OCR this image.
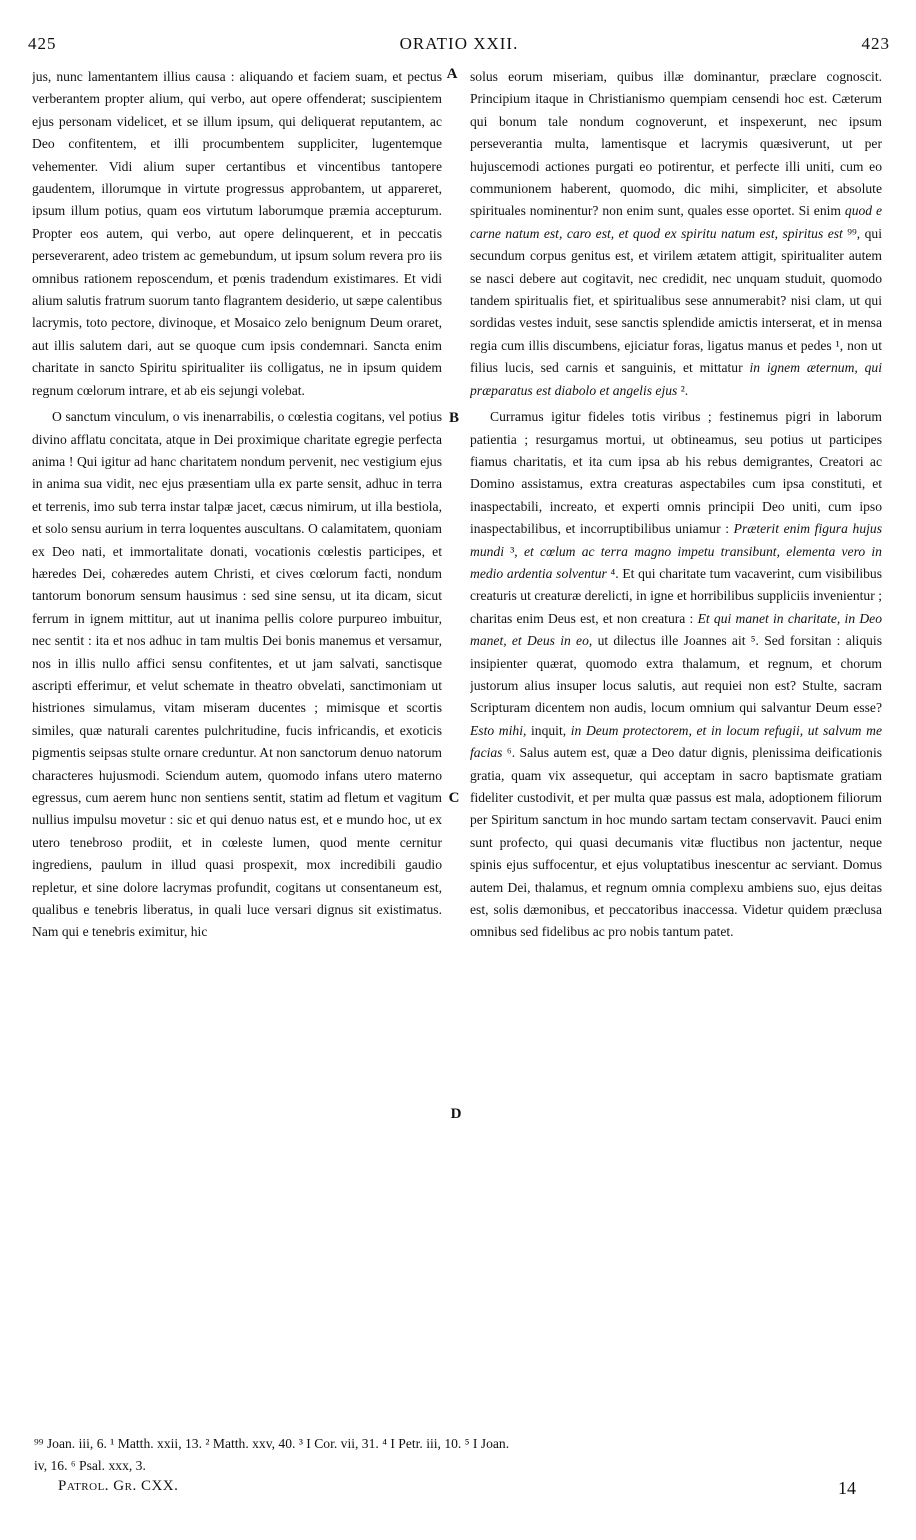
425	ORATIO XXII.	423

jus, nunc lamentantem illius causa : aliquando et faciem suam, et pectus verberantem propter alium, qui verbo, aut opere offenderat; suscipientem ejus personam videlicet, et se illum ipsum, qui deliquerat reputantem, ac Deo confitentem, et illi procumbentem suppliciter, lugentemque vehementer. Vidi alium super certantibus et vincentibus tantopere gaudentem, illorumque in virtute progressus approbantem, ut appareret, ipsum illum potius, quam eos virtutum laborumque præmia accepturum. Propter eos autem, qui verbo, aut opere delinquerent, et in peccatis perseverarent, adeo tristem ac gemebundum, ut ipsum solum revera pro iis omnibus rationem reposcendum, et pœnis tradendum existimares. Et vidi alium salutis fratrum suorum tanto flagrantem desiderio, ut sæpe calentibus lacrymis, toto pectore, divinoque, et Mosaico zelo benignum Deum oraret, aut illis salutem dari, aut se quoque cum ipsis condemnari. Sancta enim charitate in sancto Spiritu spiritualiter iis colligatus, ne in ipsum quidem regnum cœlorum intrare, et ab eis sejungi volebat.

O sanctum vinculum, o vis inenarrabilis, o cœlestia cogitans, vel potius divino afflatu concitata, atque in Dei proximique charitate egregie perfecta anima ! Qui igitur ad hanc charitatem nondum pervenit, nec vestigium ejus in anima sua vidit, nec ejus præsentiam ulla ex parte sensit, adhuc in terra et terrenis, imo sub terra instar talpæ jacet, cæcus nimirum, ut illa bestiola, et solo sensu aurium in terra loquentes auscultans. O calamitatem, quoniam ex Deo nati, et immortalitate donati, vocationis cœlestis participes, et hæredes Dei, cohæredes autem Christi, et cives cœlorum facti, nondum tantorum bonorum sensum hausimus : sed sine sensu, ut ita dicam, sicut ferrum in ignem mittitur, aut ut inanima pellis colore purpureo imbuitur, nec sentit : ita et nos adhuc in tam multis Dei bonis manemus et versamur, nos in illis nullo affici sensu confitentes, et ut jam salvati, sanctisque ascripti efferimur, et velut schemate in theatro obvelati, sanctimoniam ut histriones simulamus, vitam miseram ducentes ; mimisque et scortis similes, quæ naturali carentes pulchritudine, fucis infricandis, et exoticis pigmentis seipsas stulte ornare creduntur. At non sanctorum denuo natorum characteres hujusmodi. Sciendum autem, quomodo infans utero materno egressus, cum aerem hunc non sentiens sentit, statim ad fletum et vagitum nullius impulsu movetur : sic et qui denuo natus est, et e mundo hoc, ut ex utero tenebroso prodiit, et in cœleste lumen, quod mente cernitur ingrediens, paulum in illud quasi prospexit, mox incredibili gaudio repletur, et sine dolore lacrymas profundit, cogitans ut consentaneum est, qualibus e tenebris liberatus, in quali luce versari dignus sit existimatus. Nam qui e tenebris eximitur, hic

A
B
C
D

solus eorum miseriam, quibus illæ dominantur, præclare cognoscit. Principium itaque in Christianismo quempiam censendi hoc est. Cæterum qui bonum tale nondum cognoverunt, et inspexerunt, nec ipsum perseverantia multa, lamentisque et lacrymis quæsiverunt, ut per hujuscemodi actiones purgati eo potirentur, et perfecte illi uniti, cum eo communionem haberent, quomodo, dic mihi, simpliciter, et absolute spirituales nominentur? non enim sunt, quales esse oportet. Si enim quod e carne natum est, caro est, et quod ex spiritu natum est, spiritus est ⁹⁹, qui secundum corpus genitus est, et virilem ætatem attigit, spiritualiter autem se nasci debere aut cogitavit, nec credidit, nec unquam studuit, quomodo tandem spiritualis fiet, et spiritualibus sese annumerabit? nisi clam, ut qui sordidas vestes induit, sese sanctis splendide amictis interserat, et in mensa regia cum illis discumbens, ejiciatur foras, ligatus manus et pedes ¹, non ut filius lucis, sed carnis et sanguinis, et mittatur in ignem æternum, qui præparatus est diabolo et angelis ejus ².

Curramus igitur fideles totis viribus ; festinemus pigri in laborum patientia ; resurgamus mortui, ut obtineamus, seu potius ut participes fiamus charitatis, et ita cum ipsa ab his rebus demigrantes, Creatori ac Domino assistamus, extra creaturas aspectabiles cum ipsa constituti, et inaspectabili, increato, et experti omnis principii Deo uniti, cum ipso inaspectabilibus, et incorruptibilibus uniamur : Præterit enim figura hujus mundi ³, et cœlum ac terra magno impetu transibunt, elementa vero in medio ardentia solventur ⁴. Et qui charitate tum vacaverint, cum visibilibus creaturis ut creaturæ derelicti, in igne et horribilibus suppliciis invenientur ; charitas enim Deus est, et non creatura : Et qui manet in charitate, in Deo manet, et Deus in eo, ut dilectus ille Joannes ait ⁵. Sed forsitan : aliquis insipienter quærat, quomodo extra thalamum, et regnum, et chorum justorum alius insuper locus salutis, aut requiei non est? Stulte, sacram Scripturam dicentem non audis, locum omnium qui salvantur Deum esse? Esto mihi, inquit, in Deum protectorem, et in locum refugii, ut salvum me facias ⁶. Salus autem est, quæ a Deo datur dignis, plenissima deificationis gratia, quam vix assequetur, qui acceptam in sacro baptismate gratiam fideliter custodivit, et per multa quæ passus est mala, adoptionem filiorum per Spiritum sanctum in hoc mundo sartam tectam conservavit. Pauci enim sunt profecto, qui quasi decumanis vitæ fluctibus non jactentur, neque spinis ejus suffocentur, et ejus voluptatibus inescentur ac serviant. Domus autem Dei, thalamus, et regnum omnia complexu ambiens suo, ejus deitas est, solis dæmonibus, et peccatoribus inaccessa. Videtur quidem præclusa omnibus sed fidelibus ac pro nobis tantum patet.

⁹⁹ Joan. iii, 6. ¹ Matth. xxii, 13. ² Matth. xxv, 40. ³ I Cor. vii, 31. ⁴ I Petr. iii, 10. ⁵ I Joan.
iv, 16. ⁶ Psal. xxx, 3.
Patrol. Gr. CXX.	14
